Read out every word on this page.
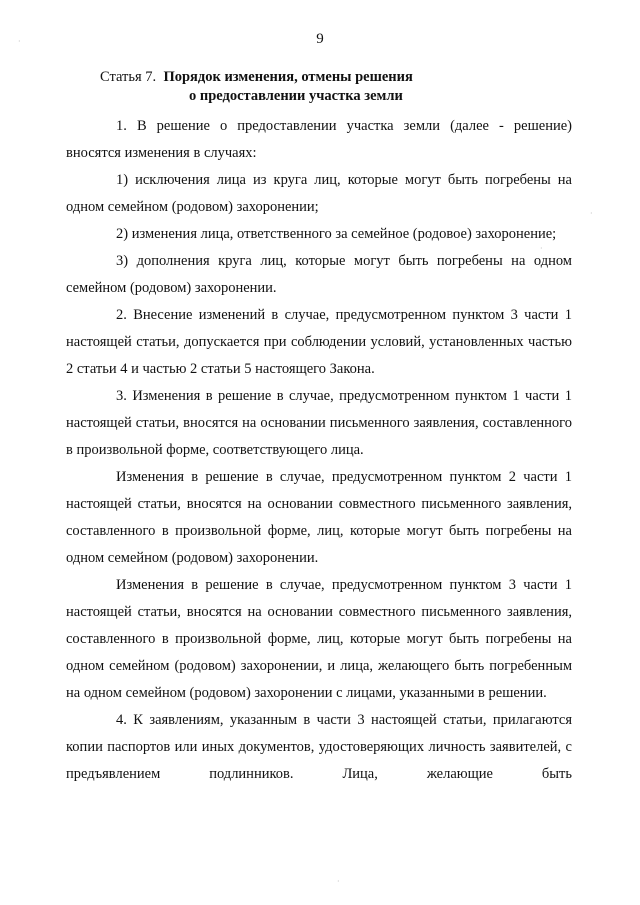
9
Статья 7. Порядок изменения, отмены решения
о предоставлении участка земли

1. В решение о предоставлении участка земли (далее - решение) вносятся изменения в случаях:

1) исключения лица из круга лиц, которые могут быть погребены на одном семейном (родовом) захоронении;

2) изменения лица, ответственного за семейное (родовое) захоронение;

3) дополнения круга лиц, которые могут быть погребены на одном семейном (родовом) захоронении.

2. Внесение изменений в случае, предусмотренном пунктом 3 части 1 настоящей статьи, допускается при соблюдении условий, установленных частью 2 статьи 4 и частью 2 статьи 5 настоящего Закона.

3. Изменения в решение в случае, предусмотренном пунктом 1 части 1 настоящей статьи, вносятся на основании письменного заявления, составленного в произвольной форме, соответствующего лица.

Изменения в решение в случае, предусмотренном пунктом 2 части 1 настоящей статьи, вносятся на основании совместного письменного заявления, составленного в произвольной форме, лиц, которые могут быть погребены на одном семейном (родовом) захоронении.

Изменения в решение в случае, предусмотренном пунктом 3 части 1 настоящей статьи, вносятся на основании совместного письменного заявления, составленного в произвольной форме, лиц, которые могут быть погребены на одном семейном (родовом) захоронении, и лица, желающего быть погребенным на одном семейном (родовом) захоронении с лицами, указанными в решении.

4. К заявлениям, указанным в части 3 настоящей статьи, прилагаются копии паспортов или иных документов, удостоверяющих личность заявителей, с предъявлением подлинников. Лица, желающие быть

·
·
·
·
